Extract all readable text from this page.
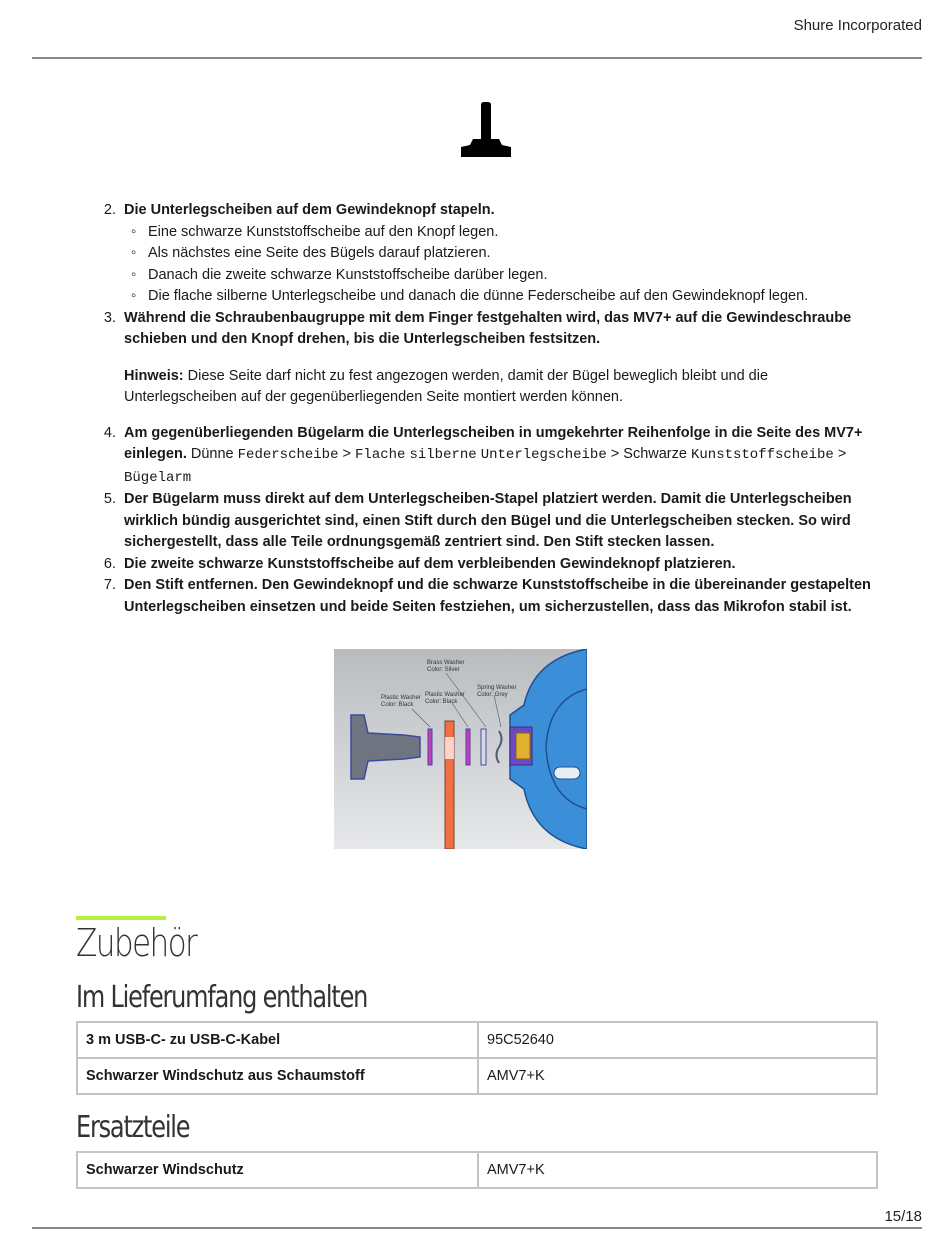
Shure Incorporated
2. Die Unterlegscheiben auf dem Gewindeknopf stapeln.
◦ Eine schwarze Kunststoffscheibe auf den Knopf legen.
◦ Als nächstes eine Seite des Bügels darauf platzieren.
◦ Danach die zweite schwarze Kunststoffscheibe darüber legen.
◦ Die flache silberne Unterlegscheibe und danach die dünne Federscheibe auf den Gewindeknopf legen.
3. Während die Schraubenbaugruppe mit dem Finger festgehalten wird, das MV7+ auf die Gewindeschraube schieben und den Knopf drehen, bis die Unterlegscheiben festsitzen.
Hinweis: Diese Seite darf nicht zu fest angezogen werden, damit der Bügel beweglich bleibt und die Unterlegscheiben auf der gegenüberliegenden Seite montiert werden können.
4. Am gegenüberliegenden Bügelarm die Unterlegscheiben in umgekehrter Reihenfolge in die Seite des MV7+ einlegen. Dünne Federscheibe > Flache silberne Unterlegscheibe > Schwarze Kunststoffscheibe > Bügelarm
5. Der Bügelarm muss direkt auf dem Unterlegscheiben-Stapel platziert werden. Damit die Unterlegscheiben wirklich bündig ausgerichtet sind, einen Stift durch den Bügel und die Unterlegscheiben stecken. So wird sichergestellt, dass alle Teile ordnungsgemäß zentriert sind. Den Stift stecken lassen.
6. Die zweite schwarze Kunststoffscheibe auf dem verbleibenden Gewindeknopf platzieren.
7. Den Stift entfernen. Den Gewindeknopf und die schwarze Kunststoffscheibe in die übereinander gestapelten Unterlegscheiben einsetzen und beide Seiten festziehen, um sicherzustellen, dass das Mikrofon stabil ist.
Brass Washer
Color: Silver
Spring Washer
Color: Grey
Plastic Washer
Color: Black
Plastic Washer
Color: Black
Zubehör
Im Lieferumfang enthalten
3 m USB-C- zu USB-C-Kabel	95C52640
Schwarzer Windschutz aus Schaumstoff	AMV7+K
Ersatzteile
Schwarzer Windschutz	AMV7+K
15/18
